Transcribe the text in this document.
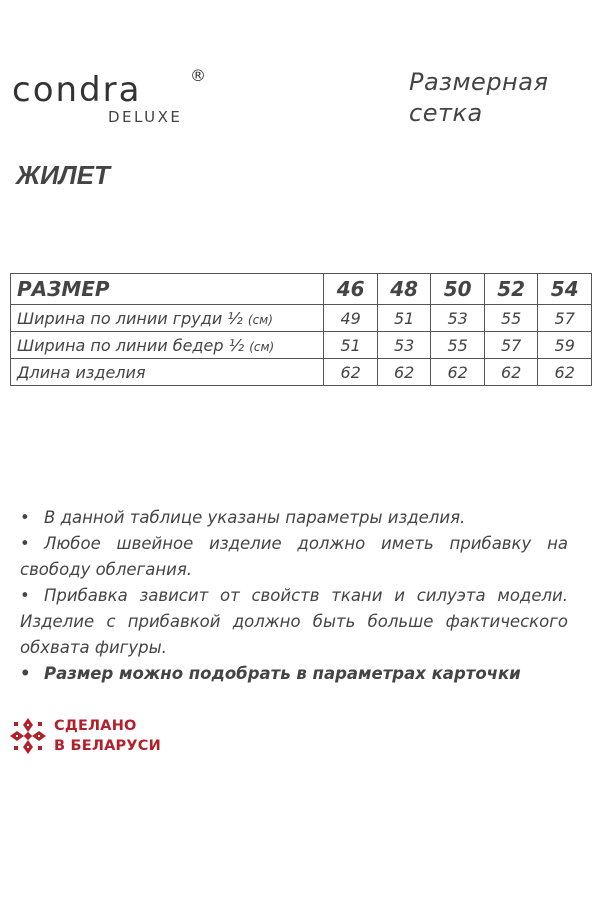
condra	®
DELUXE
Размерная сетка
ЖИЛЕТ
РАЗМЕР	46	48	50	52	54
Ширина по линии груди ½ (см)	49	51	53	55	57
Ширина по линии бедер ½ (см)	51	53	55	57	59
Длина изделия	62	62	62	62	62

• В данной таблице указаны параметры изделия.

• Любое швейное изделие должно иметь прибавку на свободу облегания.

• Прибавка зависит от свойств ткани и силуэта модели. Изделие с прибавкой должно быть больше фактического обхвата фигуры.

• Размер можно подобрать в параметрах карточки

СДЕЛАНО
В БЕЛАРУСИ
